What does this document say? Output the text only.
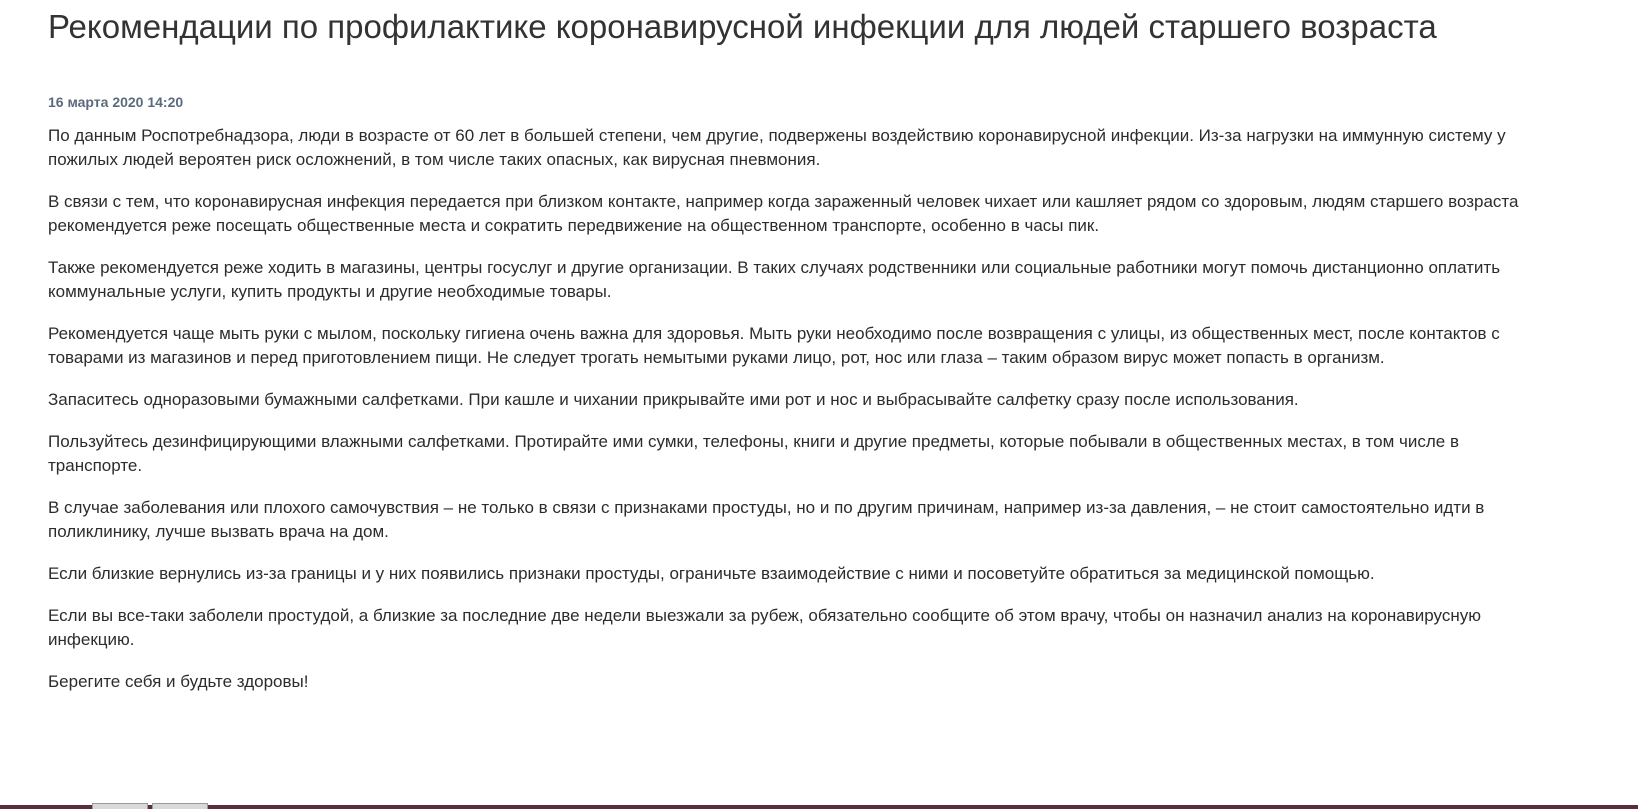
Рекомендации по профилактике коронавирусной инфекции для людей старшего возраста
16 марта 2020 14:20

По данным Роспотребнадзора, люди в возрасте от 60 лет в большей степени, чем другие, подвержены воздействию коронавирусной инфекции. Из-за нагрузки на иммунную систему у пожилых людей вероятен риск осложнений, в том числе таких опасных, как вирусная пневмония.

В связи с тем, что коронавирусная инфекция передается при близком контакте, например когда зараженный человек чихает или кашляет рядом со здоровым, людям старшего возраста рекомендуется реже посещать общественные места и сократить передвижение на общественном транспорте, особенно в часы пик.

Также рекомендуется реже ходить в магазины, центры госуслуг и другие организации. В таких случаях родственники или социальные работники могут помочь дистанционно оплатить коммунальные услуги, купить продукты и другие необходимые товары.

Рекомендуется чаще мыть руки с мылом, поскольку гигиена очень важна для здоровья. Мыть руки необходимо после возвращения с улицы, из общественных мест, после контактов с товарами из магазинов и перед приготовлением пищи. Не следует трогать немытыми руками лицо, рот, нос или глаза – таким образом вирус может попасть в организм.

Запаситесь одноразовыми бумажными салфетками. При кашле и чихании прикрывайте ими рот и нос и выбрасывайте салфетку сразу после использования.

Пользуйтесь дезинфицирующими влажными салфетками. Протирайте ими сумки, телефоны, книги и другие предметы, которые побывали в общественных местах, в том числе в транспорте.

В случае заболевания или плохого самочувствия – не только в связи с признаками простуды, но и по другим причинам, например из-за давления, – не стоит самостоятельно идти в поликлинику, лучше вызвать врача на дом.

Если близкие вернулись из-за границы и у них появились признаки простуды, ограничьте взаимодействие с ними и посоветуйте обратиться за медицинской помощью.

Если вы все-таки заболели простудой, а близкие за последние две недели выезжали за рубеж, обязательно сообщите об этом врачу, чтобы он назначил анализ на коронавирусную инфекцию.

Берегите себя и будьте здоровы!
